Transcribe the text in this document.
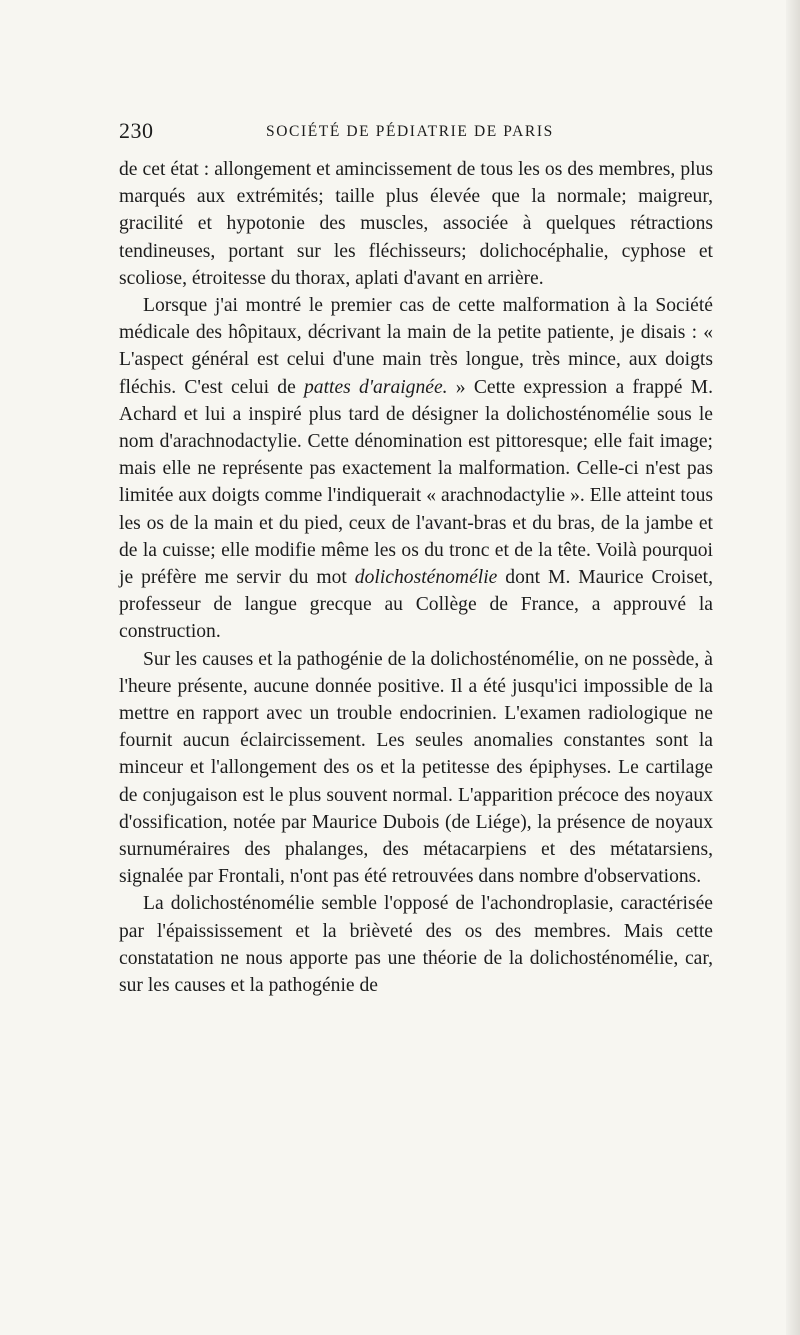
230	SOCIÉTÉ DE PÉDIATRIE DE PARIS

de cet état : allongement et amincissement de tous les os des membres, plus marqués aux extrémités; taille plus élevée que la normale; maigreur, gracilité et hypotonie des muscles, associée à quelques rétractions tendineuses, portant sur les fléchisseurs; dolichocéphalie, cyphose et scoliose, étroitesse du thorax, aplati d'avant en arrière.

Lorsque j'ai montré le premier cas de cette malformation à la Société médicale des hôpitaux, décrivant la main de la petite patiente, je disais : « L'aspect général est celui d'une main très longue, très mince, aux doigts fléchis. C'est celui de pattes d'araignée. » Cette expression a frappé M. Achard et lui a inspiré plus tard de désigner la dolichosténomélie sous le nom d'arachnodactylie. Cette dénomination est pittoresque; elle fait image; mais elle ne représente pas exactement la malformation. Celle-ci n'est pas limitée aux doigts comme l'indiquerait « arachnodactylie ». Elle atteint tous les os de la main et du pied, ceux de l'avant-bras et du bras, de la jambe et de la cuisse; elle modifie même les os du tronc et de la tête. Voilà pourquoi je préfère me servir du mot dolichosténomélie dont M. Maurice Croiset, professeur de langue grecque au Collège de France, a approuvé la construction.

Sur les causes et la pathogénie de la dolichosténomélie, on ne possède, à l'heure présente, aucune donnée positive. Il a été jusqu'ici impossible de la mettre en rapport avec un trouble endocrinien. L'examen radiologique ne fournit aucun éclaircissement. Les seules anomalies constantes sont la minceur et l'allongement des os et la petitesse des épiphyses. Le cartilage de conjugaison est le plus souvent normal. L'apparition précoce des noyaux d'ossification, notée par Maurice Dubois (de Liége), la présence de noyaux surnuméraires des phalanges, des métacarpiens et des métatarsiens, signalée par Frontali, n'ont pas été retrouvées dans nombre d'observations.

La dolichosténomélie semble l'opposé de l'achondroplasie, caractérisée par l'épaississement et la brièveté des os des membres. Mais cette constatation ne nous apporte pas une théorie de la dolichosténomélie, car, sur les causes et la pathogénie de
